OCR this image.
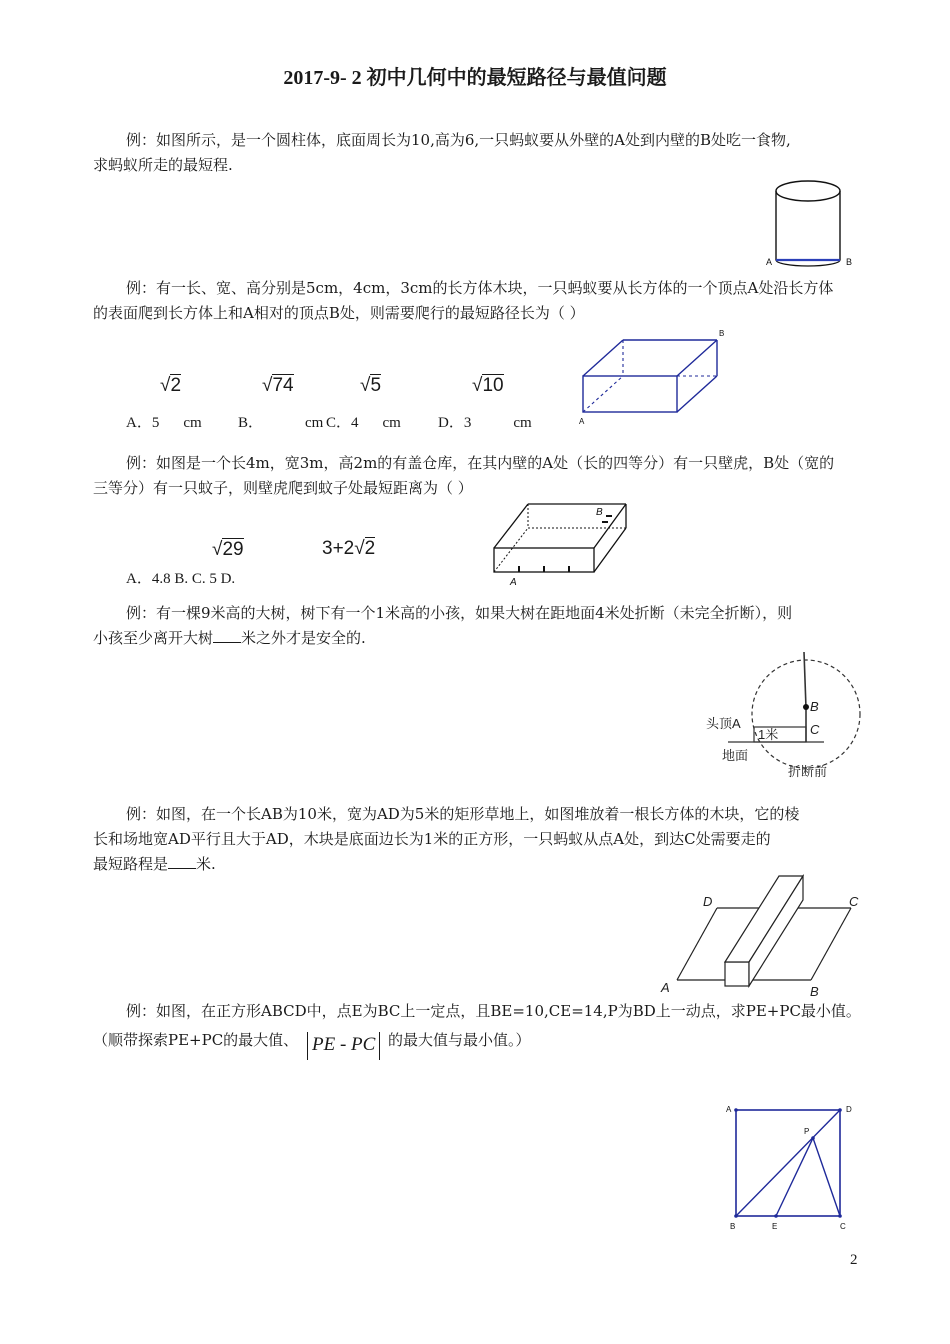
2017-9- 2 初中几何中的最短路径与最值问题
例：如图所示，是一个圆柱体，底面周长为10,高为6,一只蚂蚁要从外壁的A处到内壁的B处吃一食物,
求蚂蚁所走的最短程.
A	B
例：有一长、宽、高分别是5cm，4cm，3cm的长方体木块，一只蚂蚁要从长方体的一个顶点A处沿长方体
的表面爬到长方体上和A相对的顶点B处，则需要爬行的最短路径长为（ ）
√2	√74	√5	√10
A．5 cm B．	cm C．4 cm D．3	cm	A
B
例：如图是一个长4m，宽3m，高2m的有盖仓库，在其内壁的A处（长的四等分）有一只壁虎，B处（宽的
三等分）有一只蚊子，则壁虎爬到蚊子处最短距离为（ ）
√29	3+2√2
A．4.8 B. C. 5 D.	A
B
例：有一棵9米高的大树，树下有一个1米高的小孩，如果大树在距地面4米处折断（未完全折断），则
小孩至少离开大树 米之外才是安全的.
头顶A
1米
地面
B
C
折断前
例：如图，在一个长AB为10米，宽为AD为5米的矩形草地上，如图堆放着一根长方体的木块，它的棱
长和场地宽AD平行且大于AD，木块是底面边长为1米的正方形，一只蚂蚁从点A处，到达C处需要走的
最短路程是 米.
A	B
C
D
例：如图，在正方形ABCD中，点E为BC上一定点，且BE=10,CE=14,P为BD上一动点，求PE+PC最小值。
（顺带探索PE+PC的最大值、 PE - PC 的最大值与最小值。）
A	D
B	E	C
P
2
